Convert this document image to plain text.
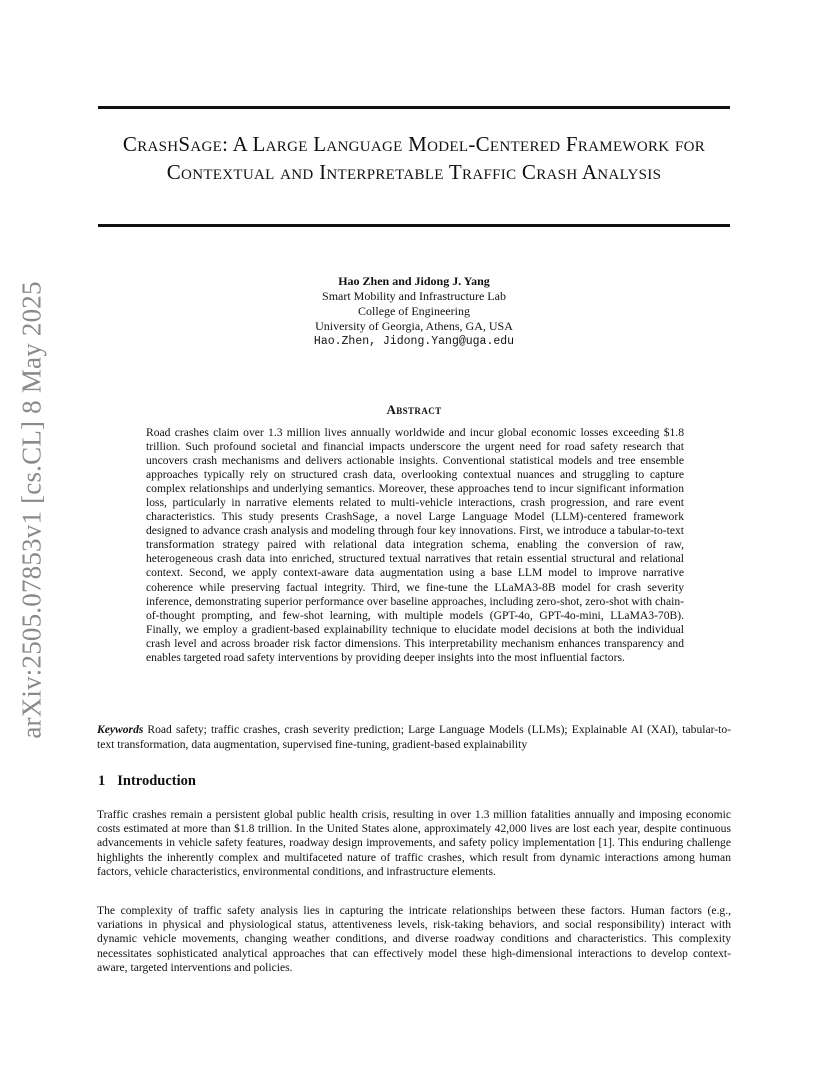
arXiv:2505.07853v1 [cs.CL] 8 May 2025
CrashSage: A Large Language Model-Centered Framework for Contextual and Interpretable Traffic Crash Analysis
Hao Zhen and Jidong J. Yang
Smart Mobility and Infrastructure Lab
College of Engineering
University of Georgia, Athens, GA, USA
Hao.Zhen, Jidong.Yang@uga.edu
Abstract

Road crashes claim over 1.3 million lives annually worldwide and incur global economic losses exceeding $1.8 trillion. Such profound societal and financial impacts underscore the urgent need for road safety research that uncovers crash mechanisms and delivers actionable insights. Conventional statistical models and tree ensemble approaches typically rely on structured crash data, overlooking contextual nuances and struggling to capture complex relationships and underlying semantics. Moreover, these approaches tend to incur significant information loss, particularly in narrative elements related to multi-vehicle interactions, crash progression, and rare event characteristics. This study presents CrashSage, a novel Large Language Model (LLM)-centered framework designed to advance crash analysis and modeling through four key innovations. First, we introduce a tabular-to-text transformation strategy paired with relational data integration schema, enabling the conversion of raw, heterogeneous crash data into enriched, structured textual narratives that retain essential structural and relational context. Second, we apply context-aware data augmentation using a base LLM model to improve narrative coherence while preserving factual integrity. Third, we fine-tune the LLaMA3-8B model for crash severity inference, demonstrating superior performance over baseline approaches, including zero-shot, zero-shot with chain-of-thought prompting, and few-shot learning, with multiple models (GPT-4o, GPT-4o-mini, LLaMA3-70B). Finally, we employ a gradient-based explainability technique to elucidate model decisions at both the individual crash level and across broader risk factor dimensions. This interpretability mechanism enhances transparency and enables targeted road safety interventions by providing deeper insights into the most influential factors.

Keywords Road safety; traffic crashes, crash severity prediction; Large Language Models (LLMs); Explainable AI (XAI), tabular-to-text transformation, data augmentation, supervised fine-tuning, gradient-based explainability

1 Introduction

Traffic crashes remain a persistent global public health crisis, resulting in over 1.3 million fatalities annually and imposing economic costs estimated at more than $1.8 trillion. In the United States alone, approximately 42,000 lives are lost each year, despite continuous advancements in vehicle safety features, roadway design improvements, and safety policy implementation [1]. This enduring challenge highlights the inherently complex and multifaceted nature of traffic crashes, which result from dynamic interactions among human factors, vehicle characteristics, environmental conditions, and infrastructure elements.

The complexity of traffic safety analysis lies in capturing the intricate relationships between these factors. Human factors (e.g., variations in physical and physiological status, attentiveness levels, risk-taking behaviors, and social responsibility) interact with dynamic vehicle movements, changing weather conditions, and diverse roadway conditions and characteristics. This complexity necessitates sophisticated analytical approaches that can effectively model these high-dimensional interactions to develop context-aware, targeted interventions and policies.
